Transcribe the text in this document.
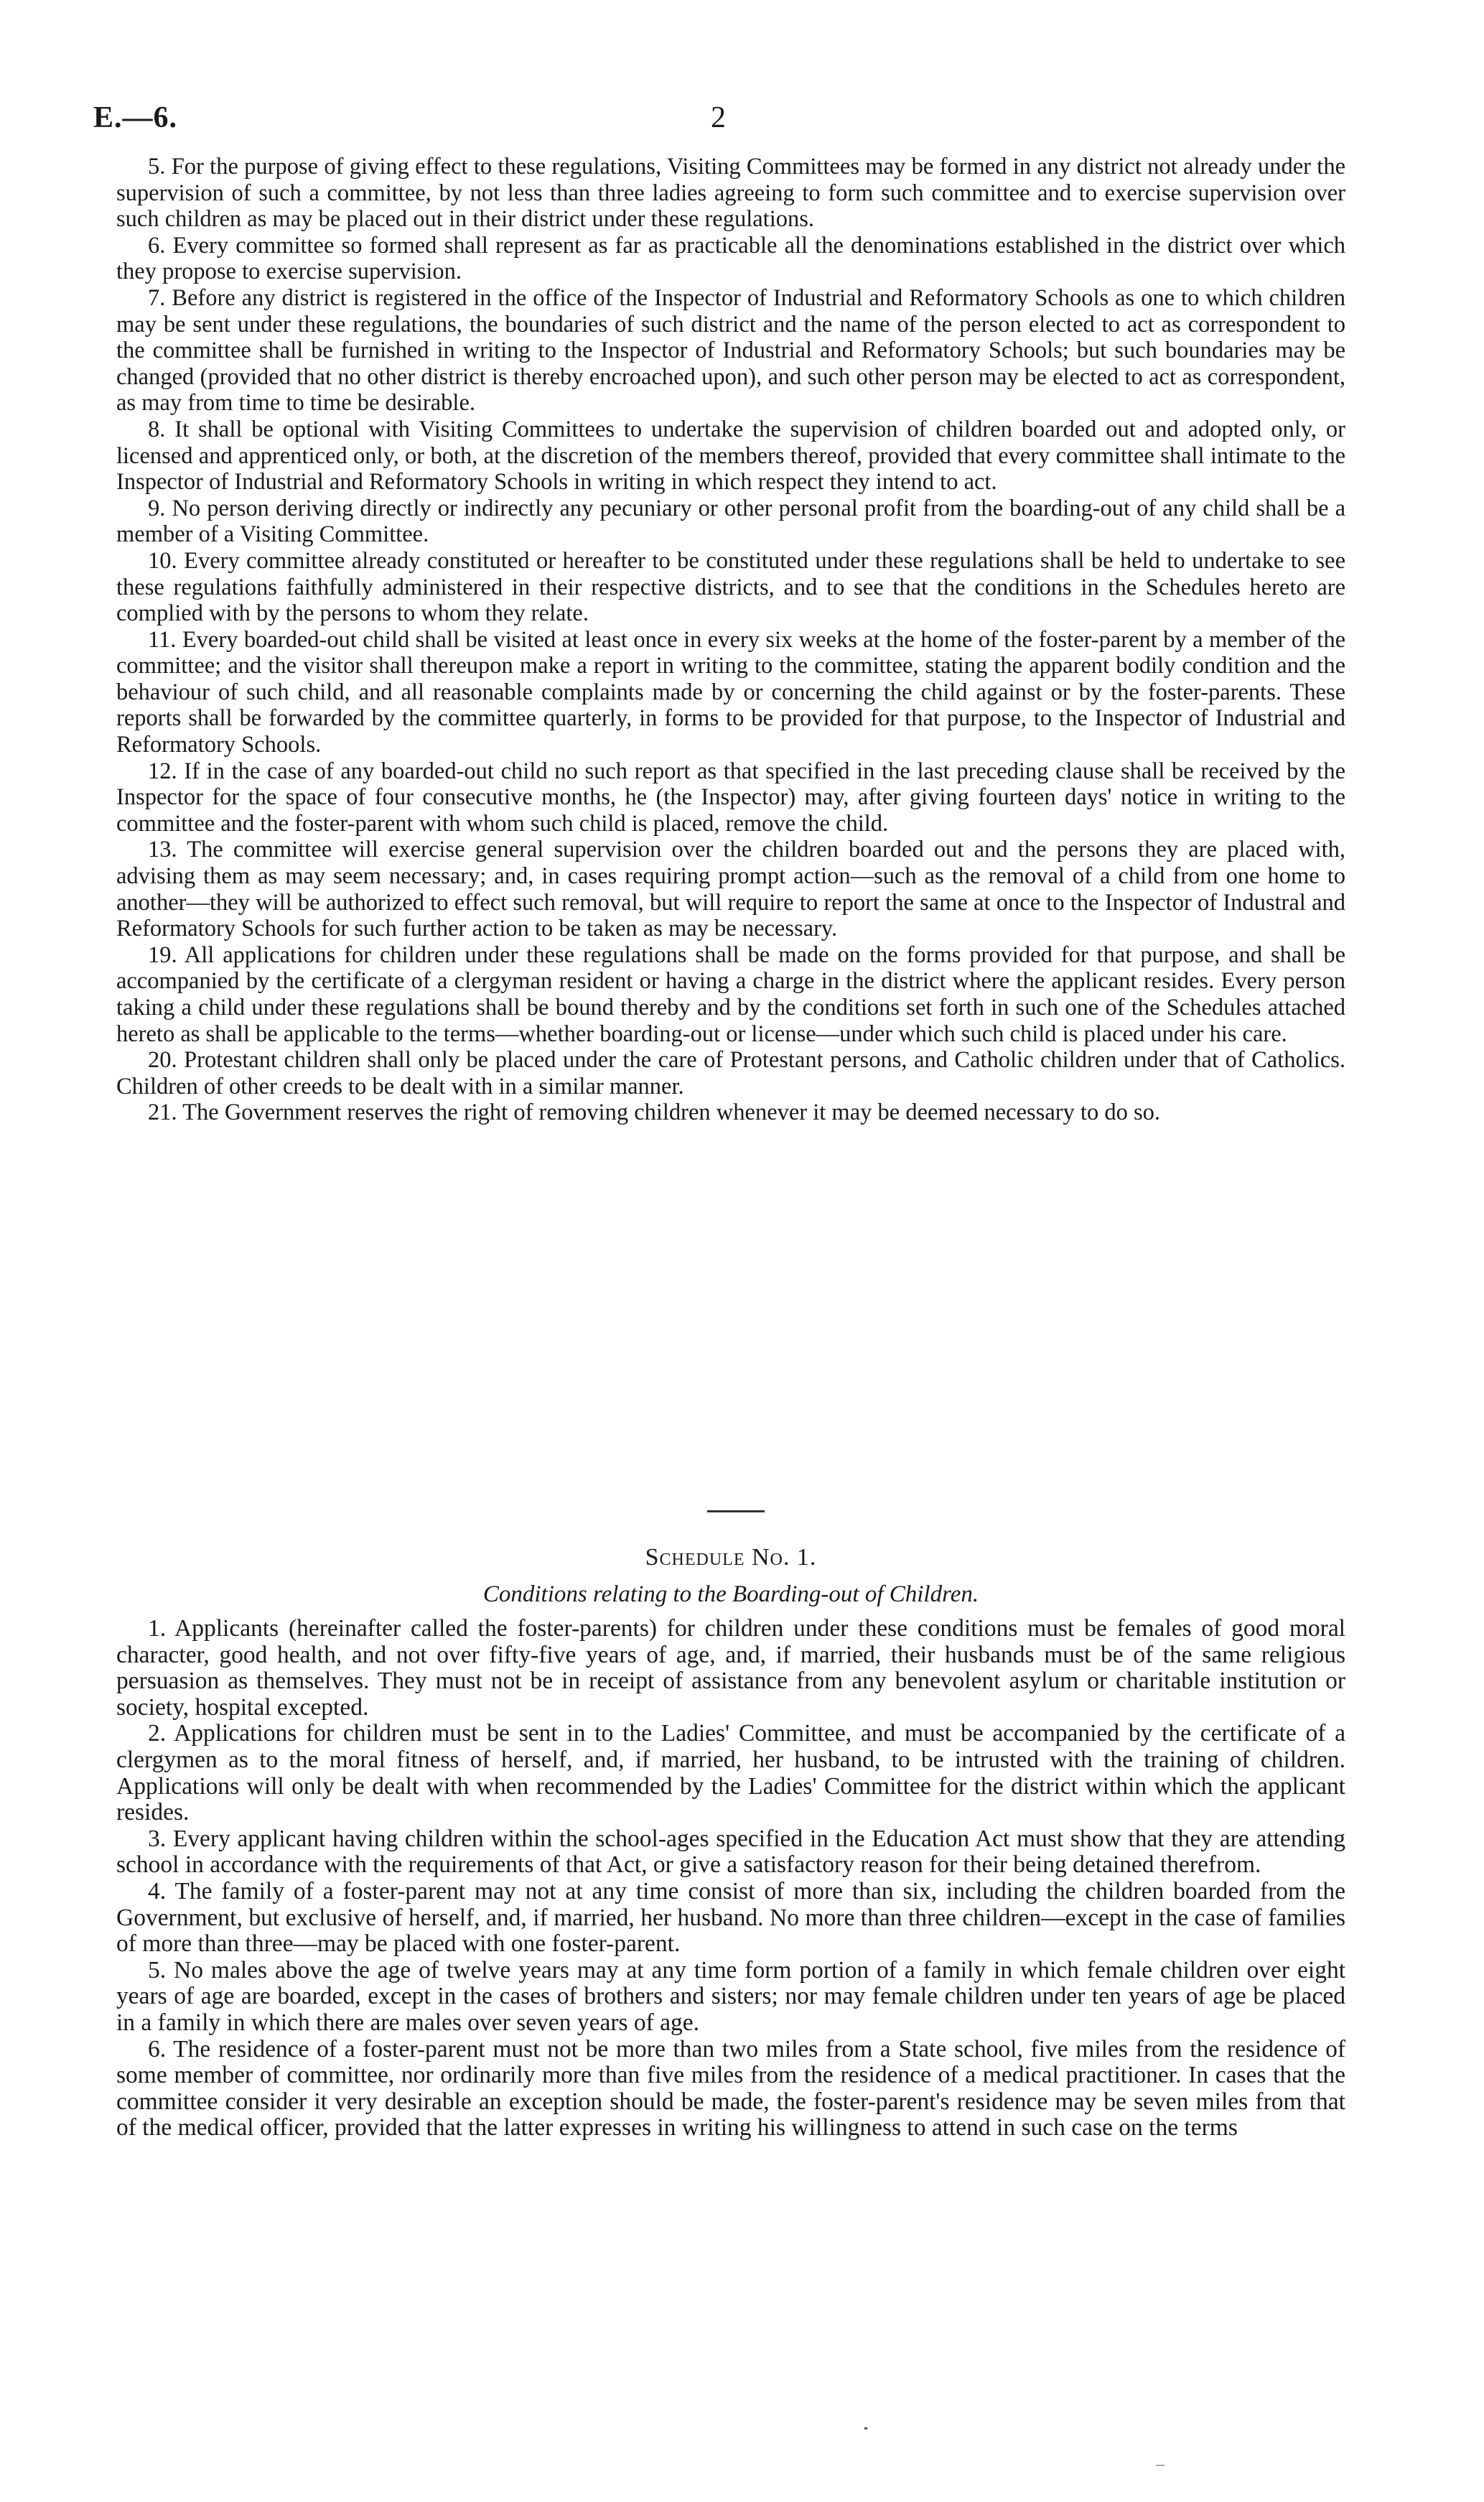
E.—6.	2

5. For the purpose of giving effect to these regulations, Visiting Committees may be formed in any district not already under the supervision of such a committee, by not less than three ladies agreeing to form such committee and to exercise supervision over such children as may be placed out in their district under these regulations.

6. Every committee so formed shall represent as far as practicable all the denominations established in the district over which they propose to exercise supervision.

7. Before any district is registered in the office of the Inspector of Industrial and Reformatory Schools as one to which children may be sent under these regulations, the boundaries of such district and the name of the person elected to act as correspondent to the committee shall be furnished in writing to the Inspector of Industrial and Reformatory Schools; but such boundaries may be changed (provided that no other district is thereby encroached upon), and such other person may be elected to act as correspondent, as may from time to time be desirable.

8. It shall be optional with Visiting Committees to undertake the supervision of children boarded out and adopted only, or licensed and apprenticed only, or both, at the discretion of the members thereof, provided that every committee shall intimate to the Inspector of Industrial and Reformatory Schools in writing in which respect they intend to act.

9. No person deriving directly or indirectly any pecuniary or other personal profit from the boarding-out of any child shall be a member of a Visiting Committee.

10. Every committee already constituted or hereafter to be constituted under these regulations shall be held to undertake to see these regulations faithfully administered in their respective districts, and to see that the conditions in the Schedules hereto are complied with by the persons to whom they relate.

11. Every boarded-out child shall be visited at least once in every six weeks at the home of the foster-parent by a member of the committee; and the visitor shall thereupon make a report in writing to the committee, stating the apparent bodily condition and the behaviour of such child, and all reasonable complaints made by or concerning the child against or by the foster-parents. These reports shall be forwarded by the committee quarterly, in forms to be provided for that purpose, to the Inspector of Industrial and Reformatory Schools.

12. If in the case of any boarded-out child no such report as that specified in the last preceding clause shall be received by the Inspector for the space of four consecutive months, he (the Inspector) may, after giving fourteen days' notice in writing to the committee and the foster-parent with whom such child is placed, remove the child.

13. The committee will exercise general supervision over the children boarded out and the persons they are placed with, advising them as may seem necessary; and, in cases requiring prompt action—such as the removal of a child from one home to another—they will be authorized to effect such removal, but will require to report the same at once to the Inspector of Industral and Reformatory Schools for such further action to be taken as may be necessary.

19. All applications for children under these regulations shall be made on the forms provided for that purpose, and shall be accompanied by the certificate of a clergyman resident or having a charge in the district where the applicant resides. Every person taking a child under these regulations shall be bound thereby and by the conditions set forth in such one of the Schedules attached hereto as shall be applicable to the terms—whether boarding-out or license—under which such child is placed under his care.

20. Protestant children shall only be placed under the care of Protestant persons, and Catholic children under that of Catholics. Children of other creeds to be dealt with in a similar manner.

21. The Government reserves the right of removing children whenever it may be deemed necessary to do so.

Schedule No. 1.
Conditions relating to the Boarding-out of Children.

1. Applicants (hereinafter called the foster-parents) for children under these conditions must be females of good moral character, good health, and not over fifty-five years of age, and, if married, their husbands must be of the same religious persuasion as themselves. They must not be in receipt of assistance from any benevolent asylum or charitable institution or society, hospital excepted.

2. Applications for children must be sent in to the Ladies' Committee, and must be accompanied by the certificate of a clergymen as to the moral fitness of herself, and, if married, her husband, to be intrusted with the training of children. Applications will only be dealt with when recommended by the Ladies' Committee for the district within which the applicant resides.

3. Every applicant having children within the school-ages specified in the Education Act must show that they are attending school in accordance with the requirements of that Act, or give a satisfactory reason for their being detained therefrom.

4. The family of a foster-parent may not at any time consist of more than six, including the children boarded from the Government, but exclusive of herself, and, if married, her husband. No more than three children—except in the case of families of more than three—may be placed with one foster-parent.

5. No males above the age of twelve years may at any time form portion of a family in which female children over eight years of age are boarded, except in the cases of brothers and sisters; nor may female children under ten years of age be placed in a family in which there are males over seven years of age.

6. The residence of a foster-parent must not be more than two miles from a State school, five miles from the residence of some member of committee, nor ordinarily more than five miles from the residence of a medical practitioner. In cases that the committee consider it very desirable an exception should be made, the foster-parent's residence may be seven miles from that of the medical officer, provided that the latter expresses in writing his willingness to attend in such case on the terms
